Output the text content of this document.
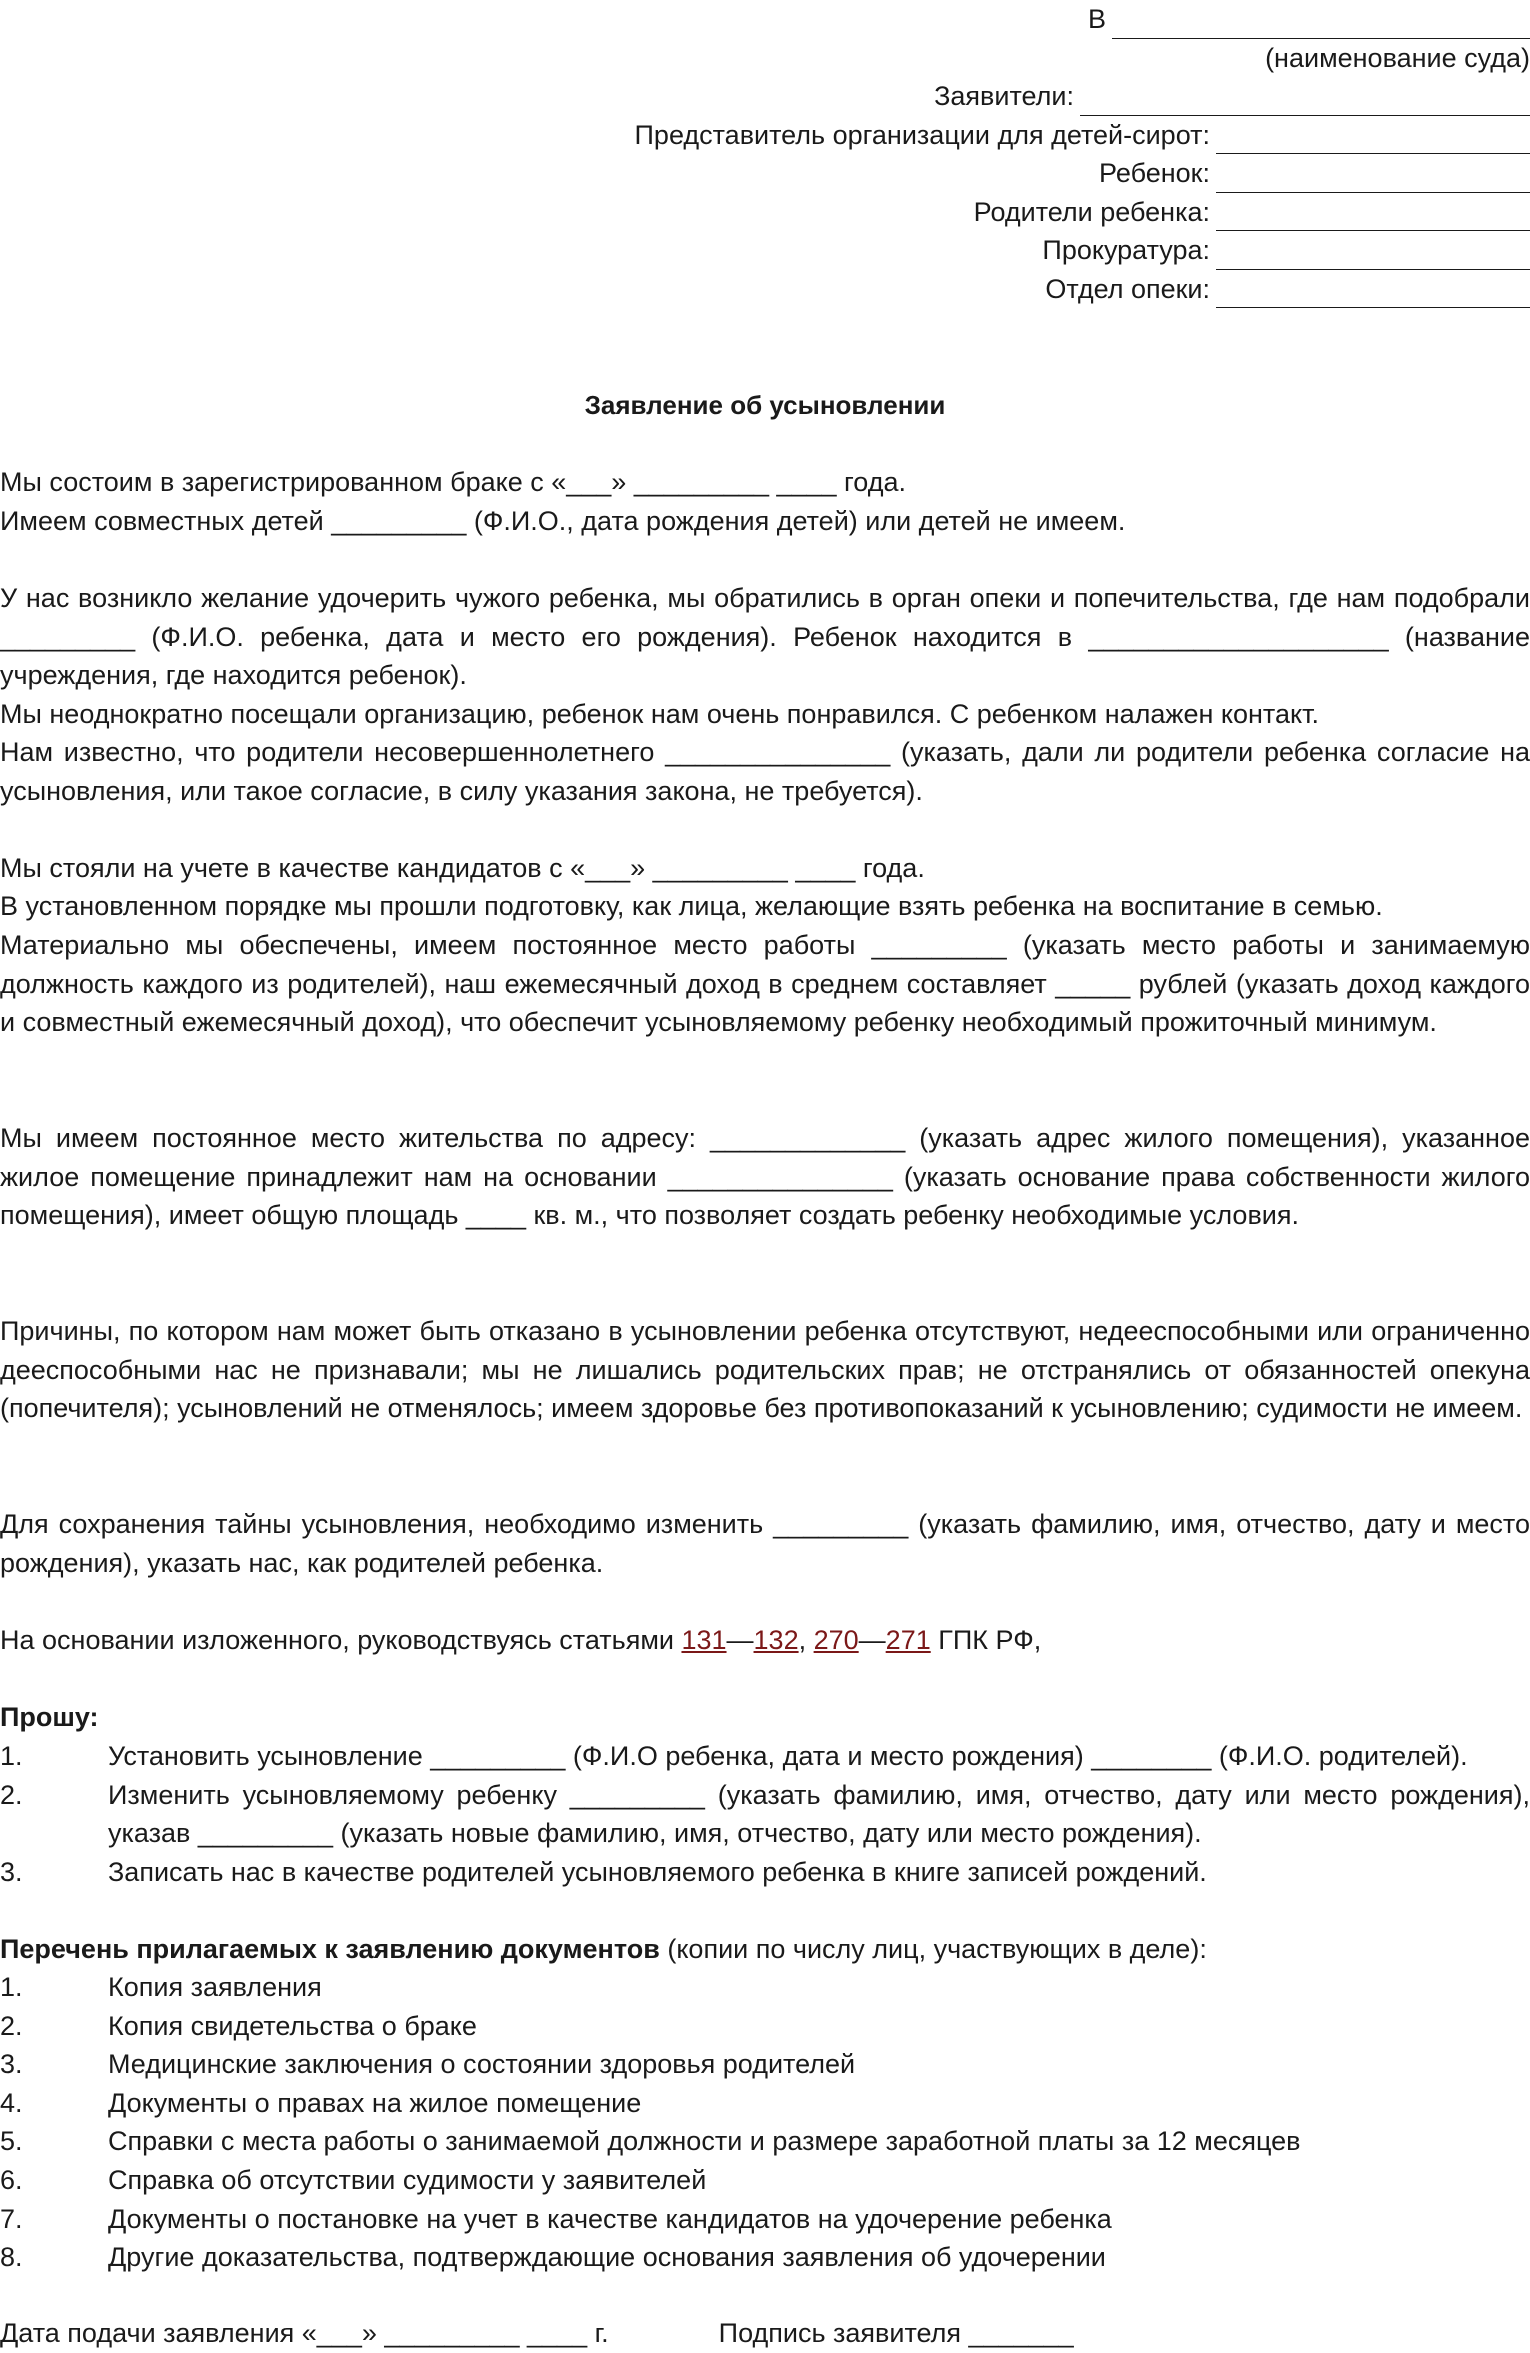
В
(наименование суда)
Заявители:
Представитель организации для детей-сирот:
Ребенок:
Родители ребенка:
Прокуратура:
Отдел опеки:
Заявление об усыновлении
Мы состоим в зарегистрированном браке с «___» _________ ____ года.
Имеем совместных детей _________ (Ф.И.О., дата рождения детей) или детей не имеем.
У нас возникло желание удочерить чужого ребенка, мы обратились в орган опеки и попечительства, где нам подобрали _________ (Ф.И.О. ребенка, дата и место его рождения). Ребенок находится в ____________________ (название учреждения, где находится ребенок).
Мы неоднократно посещали организацию, ребенок нам очень понравился. С ребенком налажен контакт.
Нам известно, что родители несовершеннолетнего _______________ (указать, дали ли родители ребенка согласие на усыновления, или такое согласие, в силу указания закона, не требуется).
Мы стояли на учете в качестве кандидатов с «___» _________ ____ года.
В установленном порядке мы прошли подготовку, как лица, желающие взять ребенка на воспитание в семью.
Материально мы обеспечены, имеем постоянное место работы _________ (указать место работы и занимаемую должность каждого из родителей), наш ежемесячный доход в среднем составляет _____ рублей (указать доход каждого и совместный ежемесячный доход), что обеспечит усыновляемому ребенку необходимый прожиточный минимум.
Мы имеем постоянное место жительства по адресу: _____________ (указать адрес жилого помещения), указанное жилое помещение принадлежит нам на основании _______________ (указать основание права собственности жилого помещения), имеет общую площадь ____ кв. м., что позволяет создать ребенку необходимые условия.
Причины, по котором нам может быть отказано в усыновлении ребенка отсутствуют, недееспособными или ограниченно дееспособными нас не признавали; мы не лишались родительских прав; не отстранялись от обязанностей опекуна (попечителя); усыновлений не отменялось; имеем здоровье без противопоказаний к усыновлению; судимости не имеем.
Для сохранения тайны усыновления, необходимо изменить _________ (указать фамилию, имя, отчество, дату и место рождения), указать нас, как родителей ребенка.
На основании изложенного, руководствуясь статьями 131—132, 270—271 ГПК РФ,
Прошу:
1.	Установить усыновление _________ (Ф.И.О ребенка, дата и место рождения) ________ (Ф.И.О. родителей).
2.	Изменить усыновляемому ребенку _________ (указать фамилию, имя, отчество, дату или место рождения), указав _________ (указать новые фамилию, имя, отчество, дату или место рождения).
3.	Записать нас в качестве родителей усыновляемого ребенка в книге записей рождений.
Перечень прилагаемых к заявлению документов (копии по числу лиц, участвующих в деле):
1.	Копия заявления
2.	Копия свидетельства о браке
3.	Медицинские заключения о состоянии здоровья родителей
4.	Документы о правах на жилое помещение
5.	Справки с места работы о занимаемой должности и размере заработной платы за 12 месяцев
6.	Справка об отсутствии судимости у заявителей
7.	Документы о постановке на учет в качестве кандидатов на удочерение ребенка
8.	Другие доказательства, подтверждающие основания заявления об удочерении
Дата подачи заявления «___» _________ ____ г.	Подпись заявителя _______
